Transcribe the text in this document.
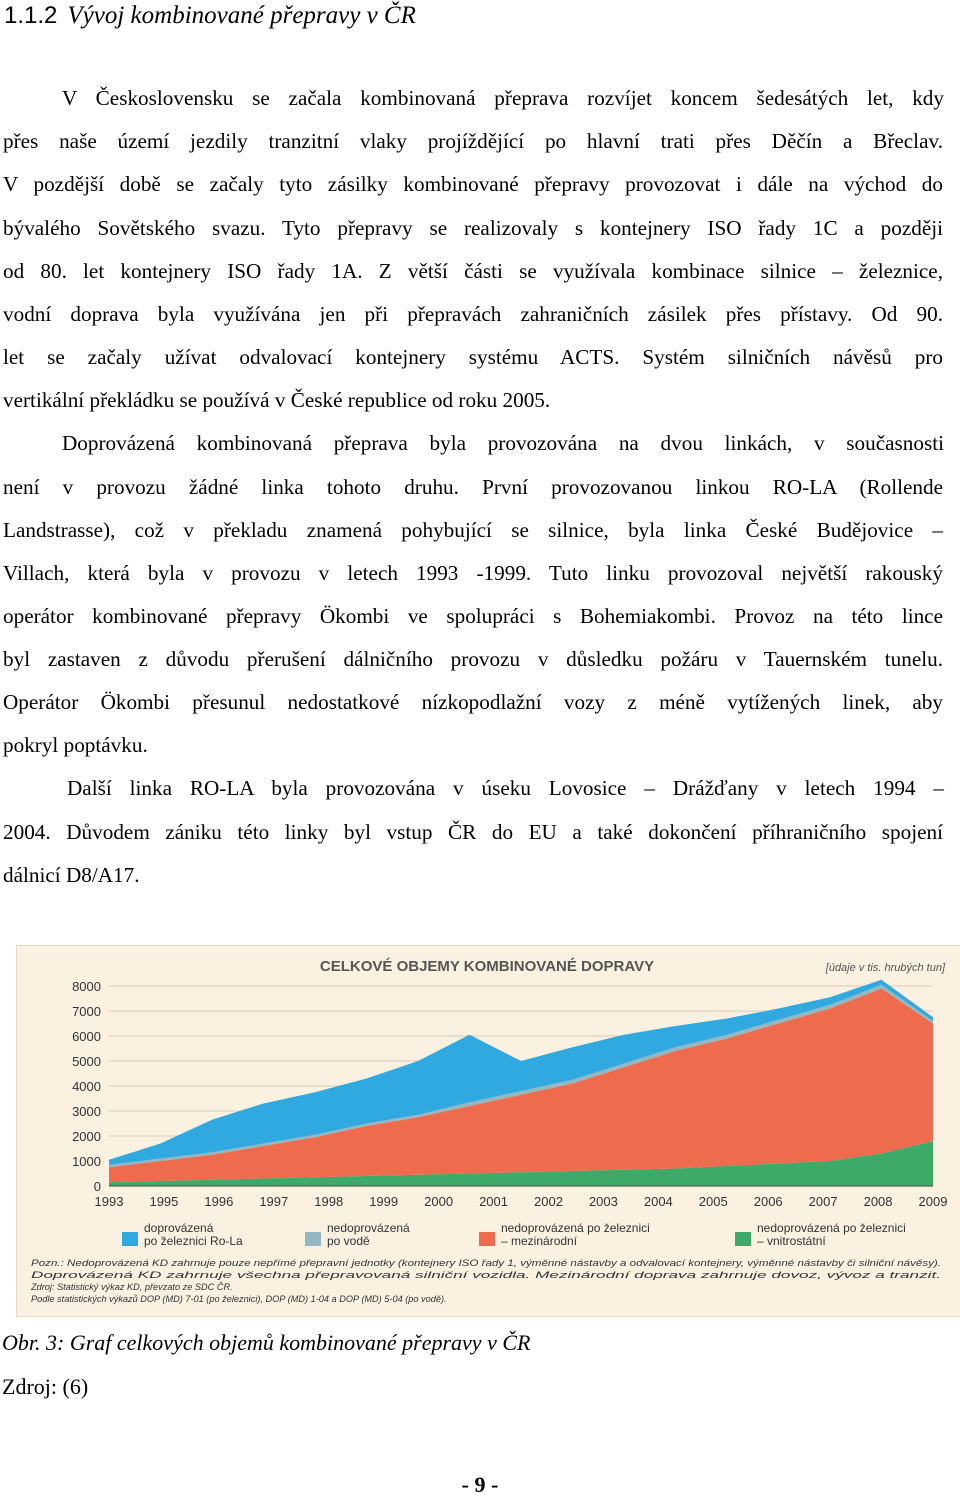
1.1.2 Vývoj kombinované přepravy v ČR
V Československu se začala kombinovaná přeprava rozvíjet koncem šedesátých let, kdy
přes naše území jezdily tranzitní vlaky projíždějící po hlavní trati přes Děčín a Břeclav.
V pozdější době se začaly tyto zásilky kombinované přepravy provozovat i dále na východ do
bývalého Sovětského svazu. Tyto přepravy se realizovaly s kontejnery ISO řady 1C a později
od 80. let kontejnery ISO řady 1A. Z větší části se využívala kombinace silnice – železnice,
vodní doprava byla využívána jen při přepravách zahraničních zásilek přes přístavy. Od 90.
let se začaly užívat odvalovací kontejnery systému ACTS. Systém silničních návěsů pro
vertikální překládku se používá v České republice od roku 2005.
Doprovázená kombinovaná přeprava byla provozována na dvou linkách, v současnosti
není v provozu žádné linka tohoto druhu. První provozovanou linkou RO-LA (Rollende
Landstrasse), což v překladu znamená pohybující se silnice, byla linka České Budějovice –
Villach, která byla v provozu v letech 1993 -1999. Tuto linku provozoval největší rakouský
operátor kombinované přepravy Ökombi ve spolupráci s Bohemiakombi. Provoz na této lince
byl zastaven z důvodu přerušení dálničního provozu v důsledku požáru v Tauernském tunelu.
Operátor Ökombi přesunul nedostatkové nízkopodlažní vozy z méně vytížených linek, aby
pokryl poptávku.
Další linka RO-LA byla provozována v úseku Lovosice – Drážďany v letech 1994 –
2004. Důvodem zániku této linky byl vstup ČR do EU a také dokončení příhraničního spojení
dálnicí D8/A17.
CELKOVÉ OBJEMY KOMBINOVANÉ DOPRAVY	[údaje v tis. hrubých tun]
0
1000
2000
3000
4000
5000
6000
7000
8000
1993 1995 1996 1997 1998 1999 2000 2001 2002 2003 2004 2005 2006 2007 2008 2009
doprovázená
po železnici Ro-La
nedoprovázená
po vodě
nedoprovázená po železnici
– mezinárodní
nedoprovázená po železnici
– vnitrostátní
Pozn.: Nedoprovázená KD zahrnuje pouze nepřímé přepravní jednotky (kontejnery ISO řady 1, výměnné nástavby a odvalovací kontejnery, výměnné nástavby či silniční návěsy).
Doprovázená KD zahrnuje všechna přepravovaná silniční vozidla. Mezinárodní doprava zahrnuje dovoz, vývoz a tranzit.
Zdroj: Statistický výkaz KD, převzato ze SDC ČR.
Podle statistických výkazů DOP (MD) 7-01 (po železnici), DOP (MD) 1-04 a DOP (MD) 5-04 (po vodě).
Obr. 3: Graf celkových objemů kombinované přepravy v ČR
Zdroj: (6)
- 9 -
